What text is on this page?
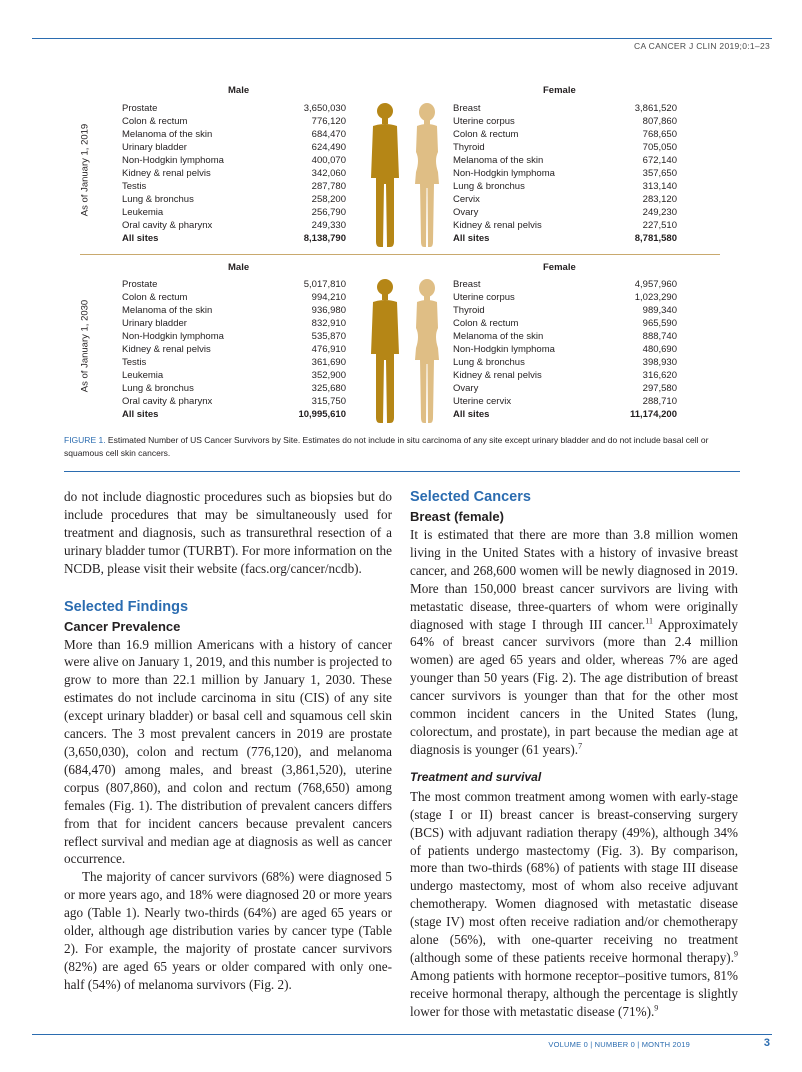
CA CANCER J CLIN 2019;0:1–23
As of January 1, 2019
Male	Female
Prostate	3,650,030
Colon & rectum	776,120
Melanoma of the skin	684,470
Urinary bladder	624,490
Non-Hodgkin lymphoma	400,070
Kidney & renal pelvis	342,060
Testis	287,780
Lung & bronchus	258,200
Leukemia	256,790
Oral cavity & pharynx	249,330
All sites	8,138,790
Breast	3,861,520
Uterine corpus	807,860
Colon & rectum	768,650
Thyroid	705,050
Melanoma of the skin	672,140
Non-Hodgkin lymphoma	357,650
Lung & bronchus	313,140
Cervix	283,120
Ovary	249,230
Kidney & renal pelvis	227,510
All sites	8,781,580
As of January 1, 2030
Male	Female
Prostate	5,017,810
Colon & rectum	994,210
Melanoma of the skin	936,980
Urinary bladder	832,910
Non-Hodgkin lymphoma	535,870
Kidney & renal pelvis	476,910
Testis	361,690
Leukemia	352,900
Lung & bronchus	325,680
Oral cavity & pharynx	315,750
All sites	10,995,610
Breast	4,957,960
Uterine corpus	1,023,290
Thyroid	989,340
Colon & rectum	965,590
Melanoma of the skin	888,740
Non-Hodgkin lymphoma	480,690
Lung & bronchus	398,930
Kidney & renal pelvis	316,620
Ovary	297,580
Uterine cervix	288,710
All sites	11,174,200
FIGURE 1. Estimated Number of US Cancer Survivors by Site. Estimates do not include in situ carcinoma of any site except urinary bladder and do not include basal cell or squamous cell skin cancers.

do not include diagnostic procedures such as biopsies but do include procedures that may be simultaneously used for treatment and diagnosis, such as transurethral resection of a urinary bladder tumor (TURBT). For more information on the NCDB, please visit their website (facs.org/cancer/ncdb).

Selected Findings
Cancer Prevalence

More than 16.9 million Americans with a history of cancer were alive on January 1, 2019, and this number is projected to grow to more than 22.1 million by January 1, 2030. These estimates do not include carcinoma in situ (CIS) of any site (except urinary bladder) or basal cell and squamous cell skin cancers. The 3 most prevalent cancers in 2019 are prostate (3,650,030), colon and rectum (776,120), and melanoma (684,470) among males, and breast (3,861,520), uterine corpus (807,860), and colon and rectum (768,650) among females (Fig. 1). The distribution of prevalent cancers differs from that for incident cancers because prevalent cancers reflect survival and median age at diagnosis as well as cancer occurrence.

The majority of cancer survivors (68%) were diagnosed 5 or more years ago, and 18% were diagnosed 20 or more years ago (Table 1). Nearly two-thirds (64%) are aged 65 years or older, although age distribution varies by cancer type (Table 2). For example, the majority of prostate cancer survivors (82%) are aged 65 years or older compared with only one-half (54%) of melanoma survivors (Fig. 2).

Selected Cancers
Breast (female)

It is estimated that there are more than 3.8 million women living in the United States with a history of invasive breast cancer, and 268,600 women will be newly diagnosed in 2019. More than 150,000 breast cancer survivors are living with metastatic disease, three-quarters of whom were originally diagnosed with stage I through III cancer.$^{11}$ Approximately 64% of breast cancer survivors (more than 2.4 million women) are aged 65 years and older, whereas 7% are aged younger than 50 years (Fig. 2). The age distribution of breast cancer survivors is younger than that for the other most common incident cancers in the United States (lung, colorectum, and prostate), in part because the median age at diagnosis is younger (61 years).$^7$

Treatment and survival

The most common treatment among women with early-stage (stage I or II) breast cancer is breast-conserving surgery (BCS) with adjuvant radiation therapy (49%), although 34% of patients undergo mastectomy (Fig. 3). By comparison, more than two-thirds (68%) of patients with stage III disease undergo mastectomy, most of whom also receive adjuvant chemotherapy. Women diagnosed with metastatic disease (stage IV) most often receive radiation and/or chemotherapy alone (56%), with one-quarter receiving no treatment (although some of these patients receive hormonal therapy).$^9$ Among patients with hormone receptor–positive tumors, 81% receive hormonal therapy, although the percentage is slightly lower for those with metastatic disease (71%).$^9$

VOLUME 0 | NUMBER 0 | MONTH 2019	3
